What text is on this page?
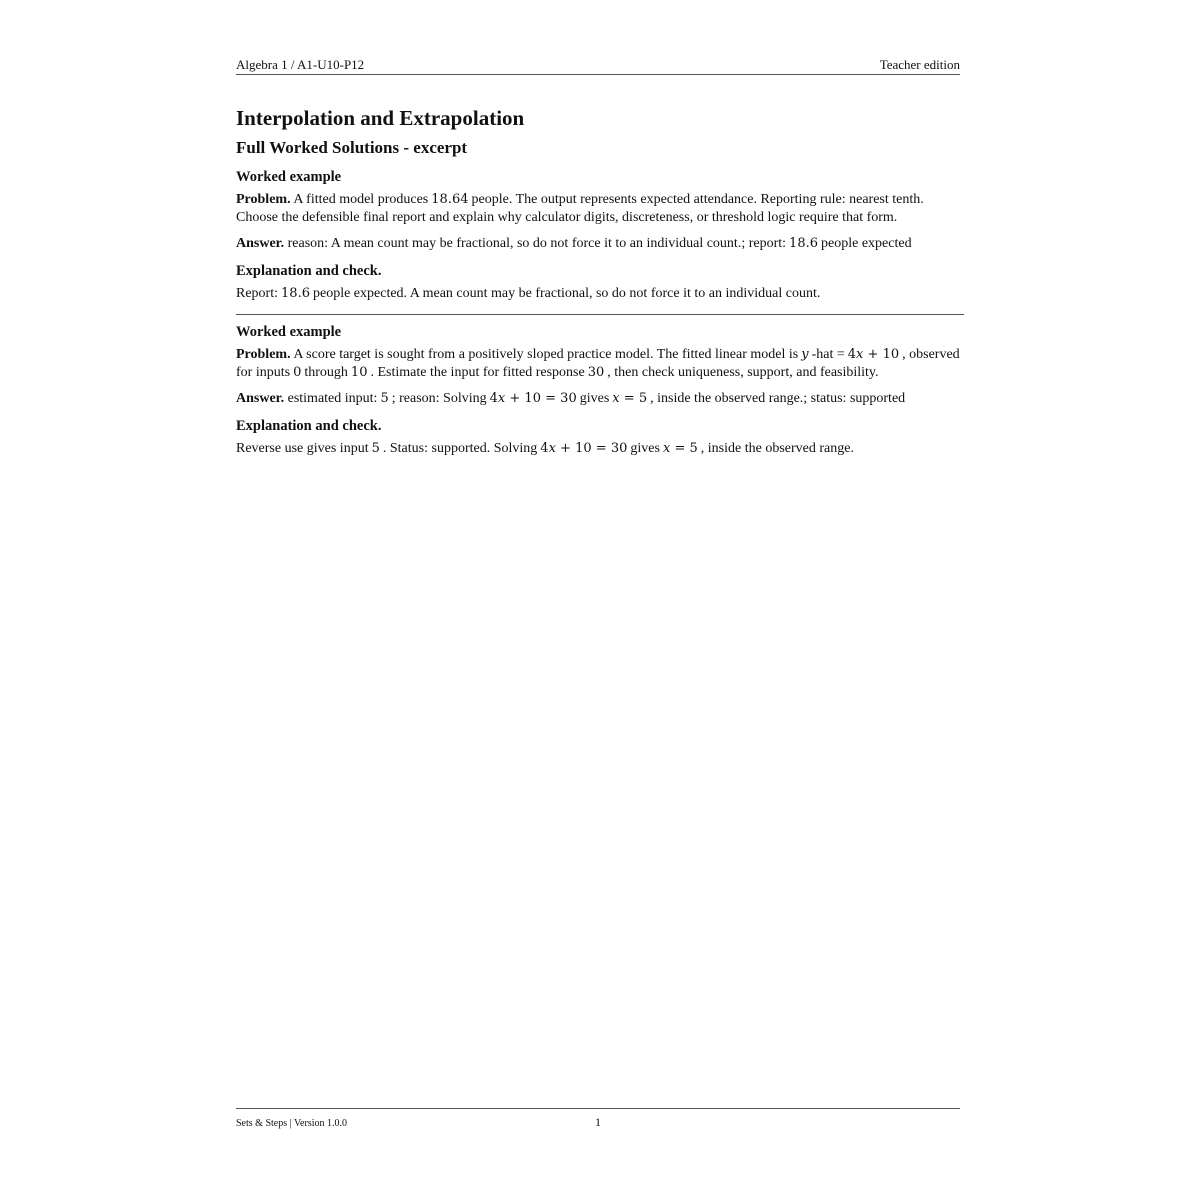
Algebra 1 / A1-U10-P12	Teacher edition
Interpolation and Extrapolation
Full Worked Solutions - excerpt
Worked example

Problem. A fitted model produces 18.64 people. The output represents expected attendance. Reporting rule: nearest tenth. Choose the defensible final report and explain why calculator digits, discreteness, or threshold logic require that form.

Answer. reason: A mean count may be fractional, so do not force it to an individual count.; report: 18.6 people expected

Explanation and check.

Report: 18.6 people expected. A mean count may be fractional, so do not force it to an individual count.

Worked example

Problem. A score target is sought from a positively sloped practice model. The fitted linear model is y -hat = 4x + 10 , observed for inputs 0 through 10 . Estimate the input for fitted response 30 , then check uniqueness, support, and feasibility.

Answer. estimated input: 5 ; reason: Solving 4x + 10 = 30 gives x = 5 , inside the observed range.; status: supported

Explanation and check.

Reverse use gives input 5 . Status: supported. Solving 4x + 10 = 30 gives x = 5 , inside the observed range.

Sets & Steps | Version 1.0.0	1
